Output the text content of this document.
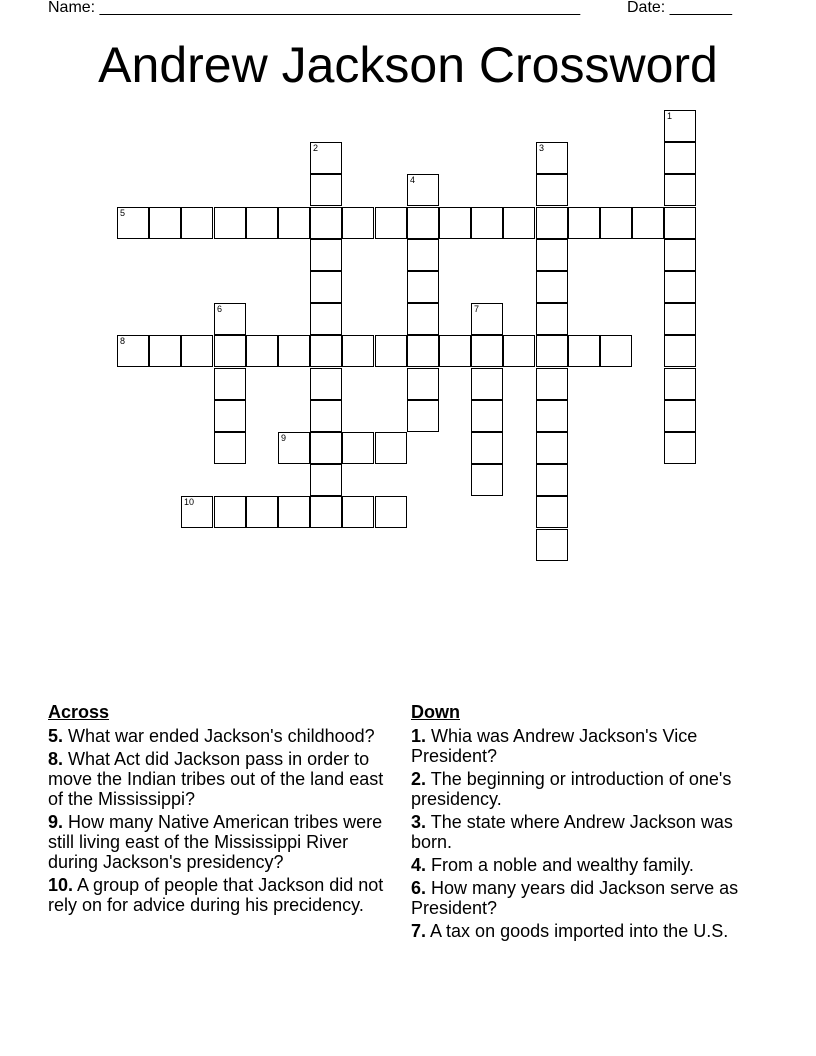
Name: ______________________________________________________	Date: _______
Andrew Jackson Crossword
1
2	3
4
5
6	7
8
9
10
Across
5. What war ended Jackson's childhood?
8. What Act did Jackson pass in order to move the Indian tribes out of the land east of the Mississippi?
9. How many Native American tribes were still living east of the Mississippi River during Jackson's presidency?
10. A group of people that Jackson did not rely on for advice during his precidency.
Down
1. Whia was Andrew Jackson's Vice President?
2. The beginning or introduction of one's presidency.
3. The state where Andrew Jackson was born.
4. From a noble and wealthy family.
6. How many years did Jackson serve as President?
7. A tax on goods imported into the U.S.
